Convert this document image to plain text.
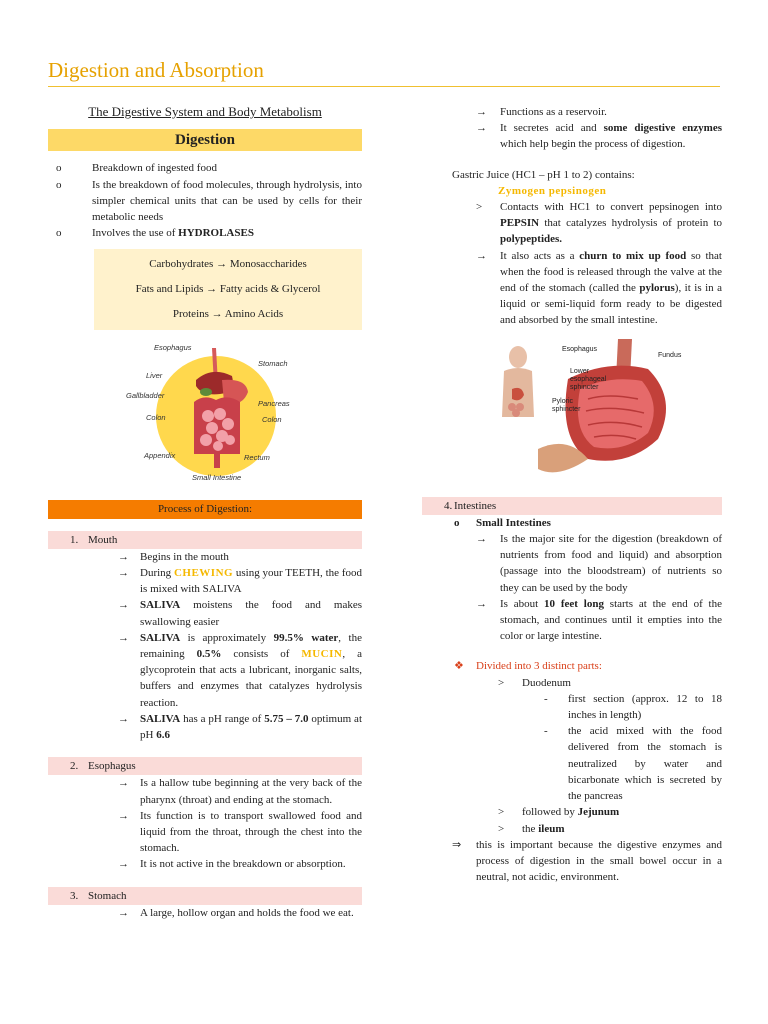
Digestion and Absorption
The Digestive System and Body Metabolism
Digestion
o	Breakdown of ingested food
o	Is the breakdown of food molecules, through hydrolysis, into simpler chemical units that can be used by cells for their metabolic needs
o	Involves the use of HYDROLASES
Carbohydrates → Monosaccharides
Fats and Lipids → Fatty acids & Glycerol
Proteins → Amino Acids
Esophagus
Stomach
Liver
Gallbladder
Pancreas
Colon	Colon
Appendix	Rectum
Small Intestine
Process of Digestion:
1. Mouth
→ Begins in the mouth
→ During CHEWING using your TEETH, the food is mixed with SALIVA
→ SALIVA moistens the food and makes swallowing easier
→ SALIVA is approximately 99.5% water, the remaining 0.5% consists of MUCIN, a glycoprotein that acts a lubricant, inorganic salts, buffers and enzymes that catalyzes hydrolysis reaction.
→ SALIVA has a pH range of 5.75 – 7.0 optimum at pH 6.6
2. Esophagus
→ Is a hallow tube beginning at the very back of the pharynx (throat) and ending at the stomach.
→ Its function is to transport swallowed food and liquid from the throat, through the chest into the stomach.
→ It is not active in the breakdown or absorption.
3. Stomach
→ A large, hollow organ and holds the food we eat.
→ Functions as a reservoir.
→ It secretes acid and some digestive enzymes which help begin the process of digestion.
Gastric Juice (HC1 – pH 1 to 2) contains:
Zymogen pepsinogen
> Contacts with HC1 to convert pepsinogen into PEPSIN that catalyzes hydrolysis of protein to polypeptides.
→ It also acts as a churn to mix up food so that when the food is released through the valve at the end of the stomach (called the pylorus), it is in a liquid or semi-liquid form ready to be digested and absorbed by the small intestine.
Esophagus
Fundus
Lower
esophageal
sphincter
Pyloric
sphincter
4. Intestines
o Small Intestines
→ Is the major site for the digestion (breakdown of nutrients from food and liquid) and absorption (passage into the bloodstream) of nutrients so they can be used by the body
→ Is about 10 feet long starts at the end of the stomach, and continues until it empties into the color or large intestine.
❖ Divided into 3 distinct parts:
> Duodenum
- first section (approx. 12 to 18 inches in length)
- the acid mixed with the food delivered from the stomach is neutralized by water and bicarbonate which is secreted by the pancreas
> followed by Jejunum
> the ileum
⇒ this is important because the digestive enzymes and process of digestion in the small bowel occur in a neutral, not acidic, environment.
